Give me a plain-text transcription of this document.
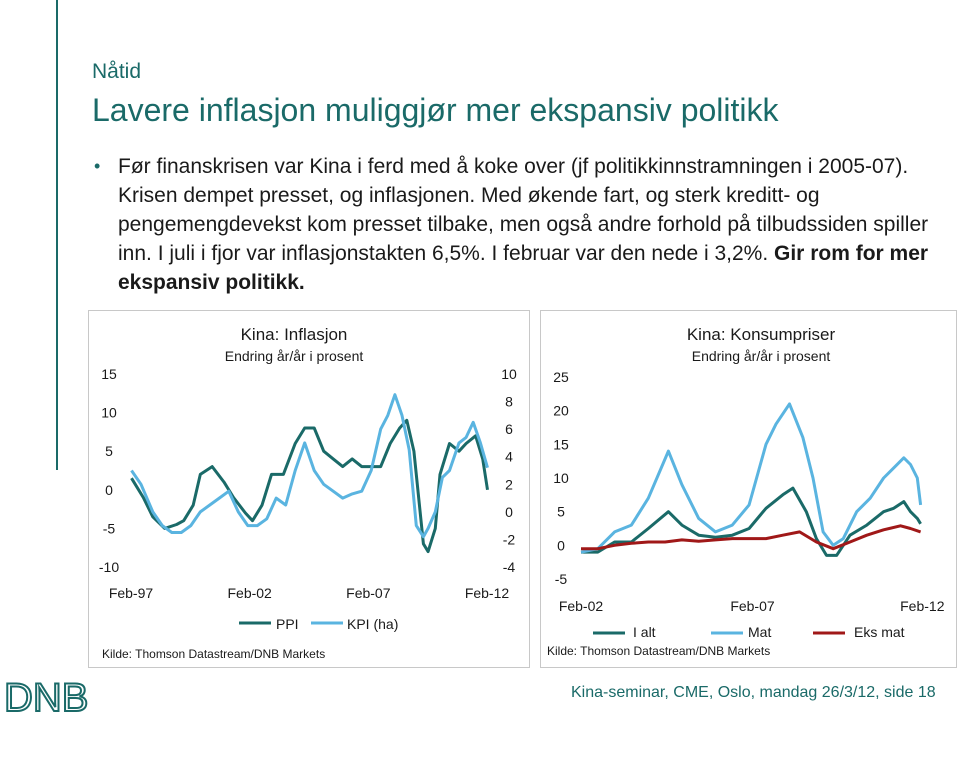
Nåtid
Lavere inflasjon muliggjør mer ekspansiv politikk
• Før finanskrisen var Kina i ferd med å koke over (jf politikkinnstramningen i 2005-07). Krisen dempet presset, og inflasjonen. Med økende fart, og sterk kreditt- og pengemengdevekst kom presset tilbake, men også andre forhold på tilbudssiden spiller inn. I juli i fjor var inflasjonstakten 6,5%. I februar var den nede i 3,2%. Gir rom for mer ekspansiv politikk.
Kina: Inflasjon
Endring år/år i prosent
15
10
5
0
-5
-10
10
8
6
4
2
0
-2
-4
Feb-97	Feb-02	Feb-07	Feb-12
PPI	KPI (ha)
Kilde: Thomson Datastream/DNB Markets
Kina: Konsumpriser
Endring år/år i prosent
25
20
15
10
5
0
-5
Feb-02	Feb-07	Feb-12
I alt	Mat	Eks mat
Kilde: Thomson Datastream/DNB Markets
DNB	Kina-seminar, CME, Oslo, mandag 26/3/12, side 18
